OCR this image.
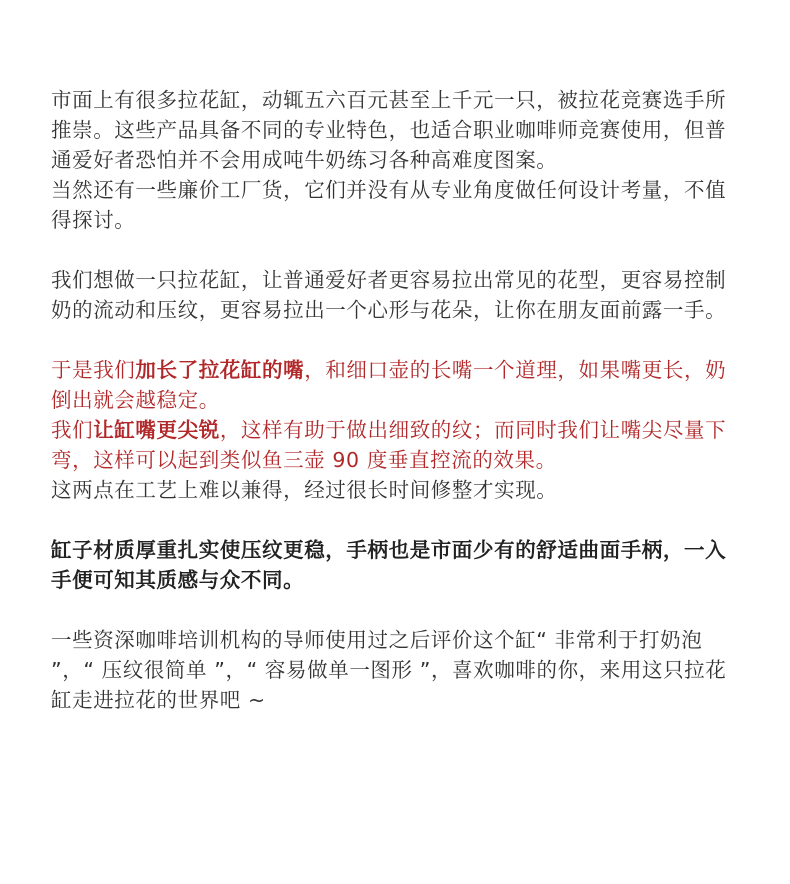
市面上有很多拉花缸，动辄五六百元甚至上千元一只，被拉花竞赛选手所推崇。这些产品具备不同的专业特色，也适合职业咖啡师竞赛使用，但普通爱好者恐怕并不会用成吨牛奶练习各种高难度图案。

当然还有一些廉价工厂货，它们并没有从专业角度做任何设计考量，不值得探讨。

我们想做一只拉花缸，让普通爱好者更容易拉出常见的花型，更容易控制奶的流动和压纹，更容易拉出一个心形与花朵，让你在朋友面前露一手。

于是我们加长了拉花缸的嘴，和细口壶的长嘴一个道理，如果嘴更长，奶倒出就会越稳定。

我们让缸嘴更尖锐，这样有助于做出细致的纹；而同时我们让嘴尖尽量下弯，这样可以起到类似鱼三壶 90 度垂直控流的效果。

这两点在工艺上难以兼得，经过很长时间修整才实现。

缸子材质厚重扎实使压纹更稳，手柄也是市面少有的舒适曲面手柄，一入手便可知其质感与众不同。

一些资深咖啡培训机构的导师使用过之后评价这个缸“ 非常利于打奶泡 ”，“ 压纹很简单 ”，“ 容易做单一图形 ”，喜欢咖啡的你，来用这只拉花缸走进拉花的世界吧 ~
